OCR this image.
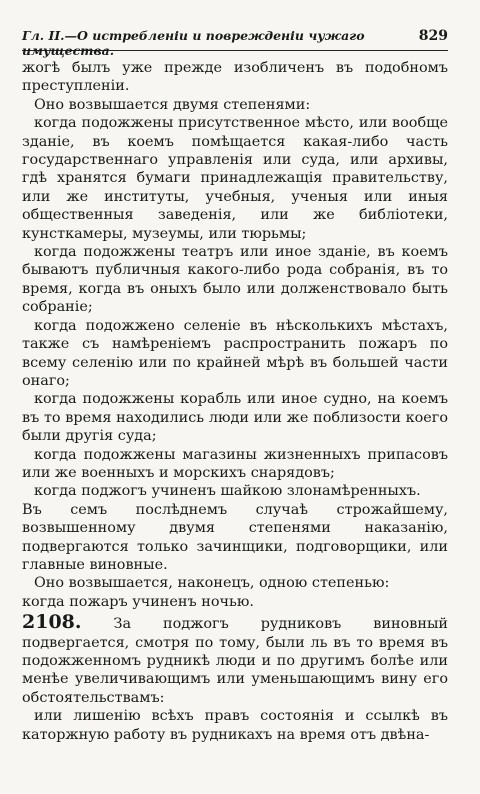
Гл. II.—О истребленіи и поврежденіи чужаго имущества.
829

жогѣ былъ уже прежде изобличенъ въ подобномъ преступленіи.

Оно возвышается двумя степенями:

когда подожжены присутственное мѣсто, или вообще зданіе, въ коемъ помѣщается какая-либо часть государственнаго управленія или суда, или архивы, гдѣ хранятся бумаги принадлежащія правительству, или же институты, учебныя, ученыя или иныя общественныя заведенія, или же библіотеки, кунсткамеры, музеумы, или тюрьмы;

когда подожжены театръ или иное зданіе, въ коемъ бываютъ публичныя какого-либо рода собранія, въ то время, когда въ оныхъ было или долженствовало быть собраніе;

когда подожжено селеніе въ нѣсколькихъ мѣстахъ, также съ намѣреніемъ распространить пожаръ по всему селенію или по крайней мѣрѣ въ большей части онаго;

когда подожжены корабль или иное судно, на коемъ въ то время находились люди или же поблизости коего были другія суда;

когда подожжены магазины жизненныхъ припасовъ или же военныхъ и морскихъ снарядовъ;

когда поджогъ учиненъ шайкою злонамѣренныхъ.

Въ семъ послѣднемъ случаѣ строжайшему, возвышенному двумя степенями наказанію, подвергаются только зачинщики, подговорщики, или главные виновные.

Оно возвышается, наконецъ, одною степенью:

когда пожаръ учиненъ ночью.

2108. За поджогъ рудниковъ виновный подвергается, смотря по тому, были ль въ то время въ подожженномъ рудникѣ люди и по другимъ болѣе или менѣе увеличивающимъ или уменьшающимъ вину его обстоятельствамъ:

или лишенію всѣхъ правъ состоянія и ссылкѣ въ каторжную работу въ рудникахъ на время отъ двѣна-
